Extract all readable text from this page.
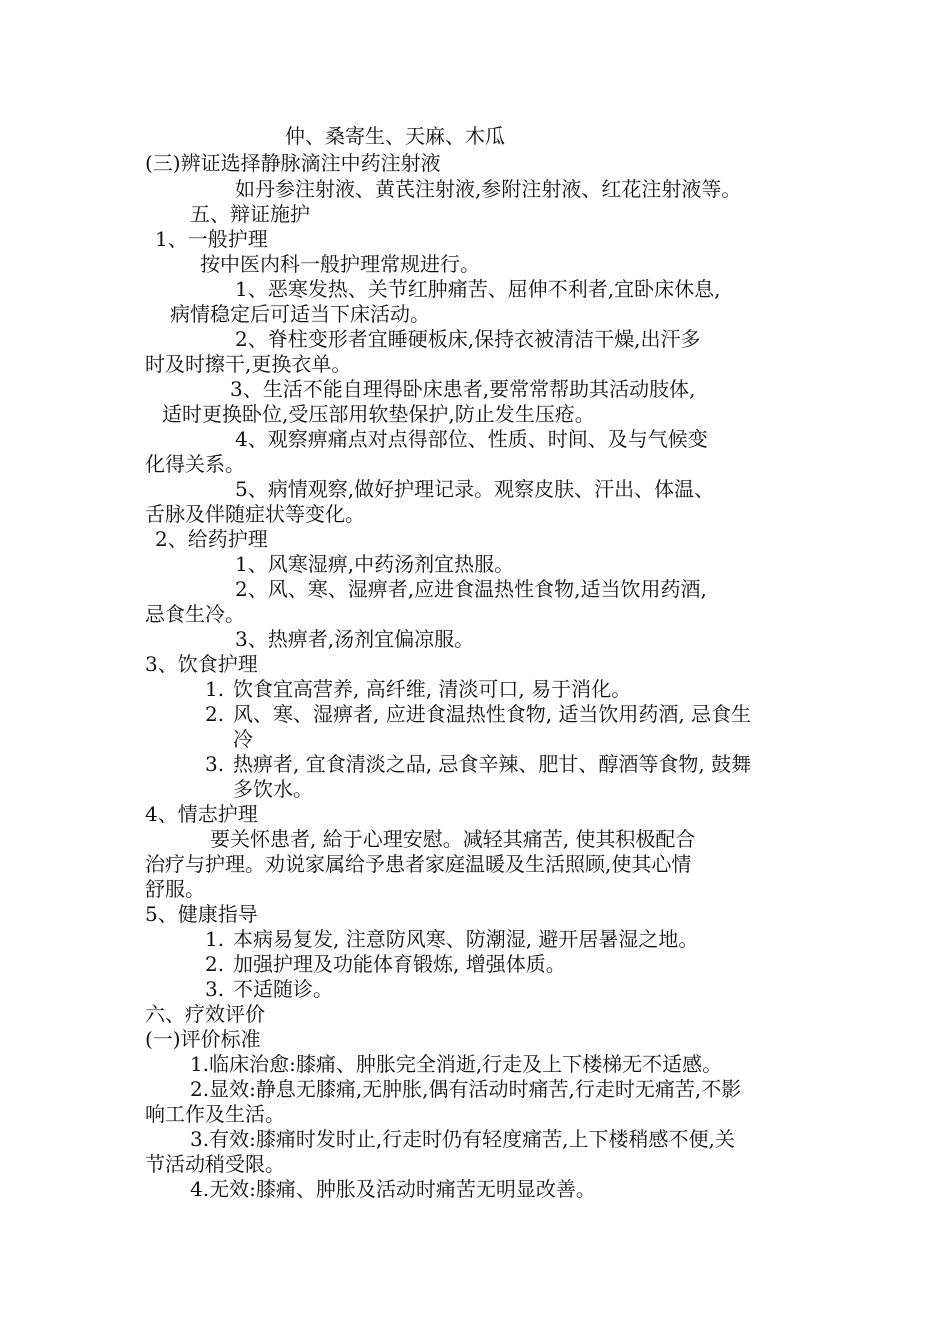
仲、桑寄生、天麻、木瓜
(三)辨证选择静脉滴注中药注射液
如丹参注射液、黄芪注射液,参附注射液、红花注射液等。
五、辩证施护
1、一般护理
按中医内科一般护理常规进行。
1、恶寒发热、关节红肿痛苦、屈伸不利者,宜卧床休息,
病情稳定后可适当下床活动。
2、脊柱变形者宜睡硬板床,保持衣被清洁干燥,出汗多
时及时擦干,更换衣单。
3、生活不能自理得卧床患者,要常常帮助其活动肢体,
适时更换卧位,受压部用软垫保护,防止发生压疮。
4、观察痹痛点对点得部位、性质、时间、及与气候变
化得关系。
5、病情观察,做好护理记录。观察皮肤、汗出、体温、
舌脉及伴随症状等变化。
2、给药护理
1、风寒湿痹,中药汤剂宜热服。
2、风、寒、湿痹者,应进食温热性食物,适当饮用药酒,
忌食生冷。
3、热痹者,汤剂宜偏凉服。
3、饮食护理
1. 饮食宜高营养, 高纤维, 清淡可口, 易于消化。
2. 风、寒、湿痹者, 应进食温热性食物, 适当饮用药酒, 忌食生
冷
3. 热痹者, 宜食清淡之品, 忌食辛辣、肥甘、醇酒等食物, 鼓舞
多饮水。
4、情志护理
要关怀患者, 給于心理安慰。减轻其痛苦, 使其积极配合
治疗与护理。劝说家属给予患者家庭温暖及生活照顾,使其心情
舒服。
5、健康指导
1. 本病易复发, 注意防风寒、防潮湿, 避开居暑湿之地。
2. 加强护理及功能体育锻炼, 增强体质。
3. 不适随诊。
六、疗效评价
(一)评价标准
1.临床治愈:膝痛、肿胀完全消逝,行走及上下楼梯无不适感。
2.显效:静息无膝痛,无肿胀,偶有活动时痛苦,行走时无痛苦,不影
响工作及生活。
3.有效:膝痛时发时止,行走时仍有轻度痛苦,上下楼稍感不便,关
节活动稍受限。
4.无效:膝痛、肿胀及活动时痛苦无明显改善。
